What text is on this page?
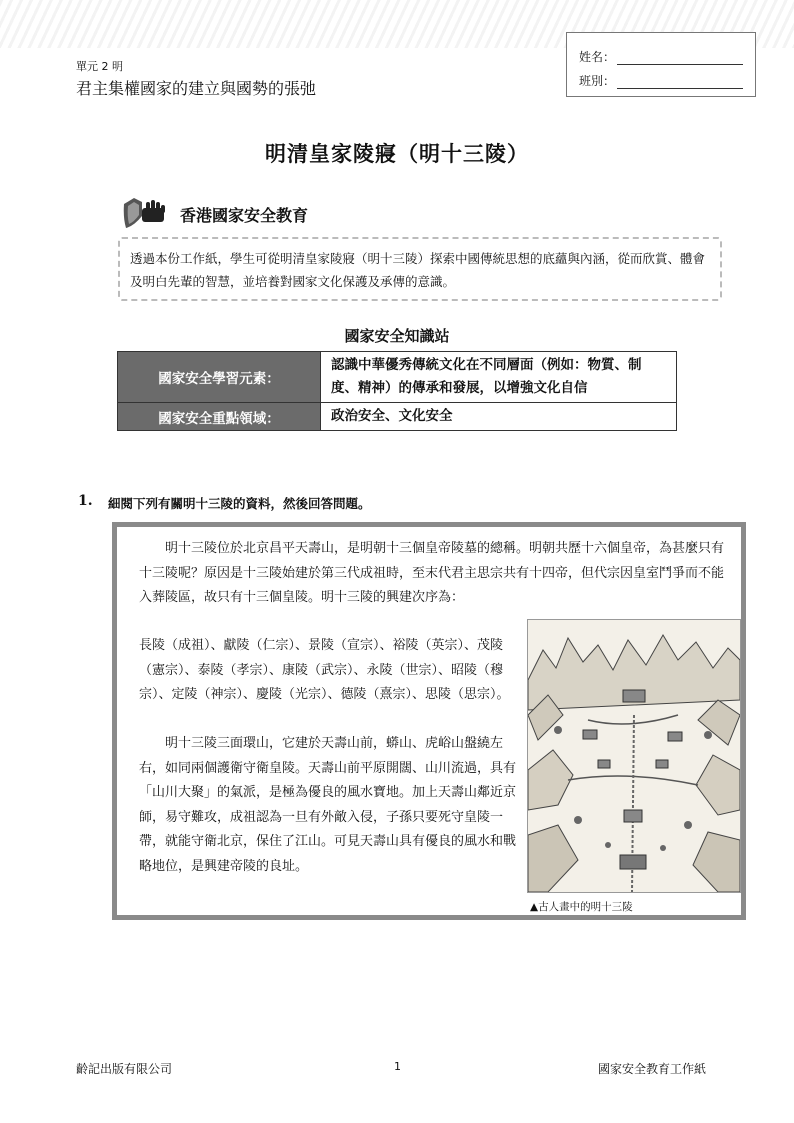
單元 2 明
君主集權國家的建立與國勢的張弛
姓名：
班別：
明清皇家陵寢（明十三陵）
香港國家安全教育
透過本份工作紙，學生可從明清皇家陵寢（明十三陵）探索中國傳統思想的底蘊與內涵，從而欣賞、體會及明白先輩的智慧，並培養對國家文化保護及承傳的意識。
國家安全知識站
國家安全學習元素：	認識中華優秀傳統文化在不同層面（例如：物質、制度、精神）的傳承和發展，以增強文化自信
國家安全重點領域：	政治安全、文化安全
1. 細閱下列有關明十三陵的資料，然後回答問題。
明十三陵位於北京昌平天壽山，是明朝十三個皇帝陵墓的總稱。明朝共歷十六個皇帝，為甚麼只有十三陵呢？原因是十三陵始建於第三代成祖時，至末代君主思宗共有十四帝，但代宗因皇室鬥爭而不能入葬陵區，故只有十三個皇陵。明十三陵的興建次序為：
長陵（成祖）、獻陵（仁宗）、景陵（宣宗）、裕陵（英宗）、茂陵（憲宗）、泰陵（孝宗）、康陵（武宗）、永陵（世宗）、昭陵（穆宗）、定陵（神宗）、慶陵（光宗）、德陵（熹宗）、思陵（思宗）。
明十三陵三面環山，它建於天壽山前，蟒山、虎峪山盤繞左右，如同兩個護衛守衛皇陵。天壽山前平原開闊、山川流過，具有「山川大聚」的氣派，是極為優良的風水寶地。加上天壽山鄰近京師，易守難攻，成祖認為一旦有外敵入侵，子孫只要死守皇陵一帶，就能守衛北京，保住了江山。可見天壽山具有優良的風水和戰略地位，是興建帝陵的良址。
▲古人畫中的明十三陵
齡記出版有限公司	1	國家安全教育工作紙
